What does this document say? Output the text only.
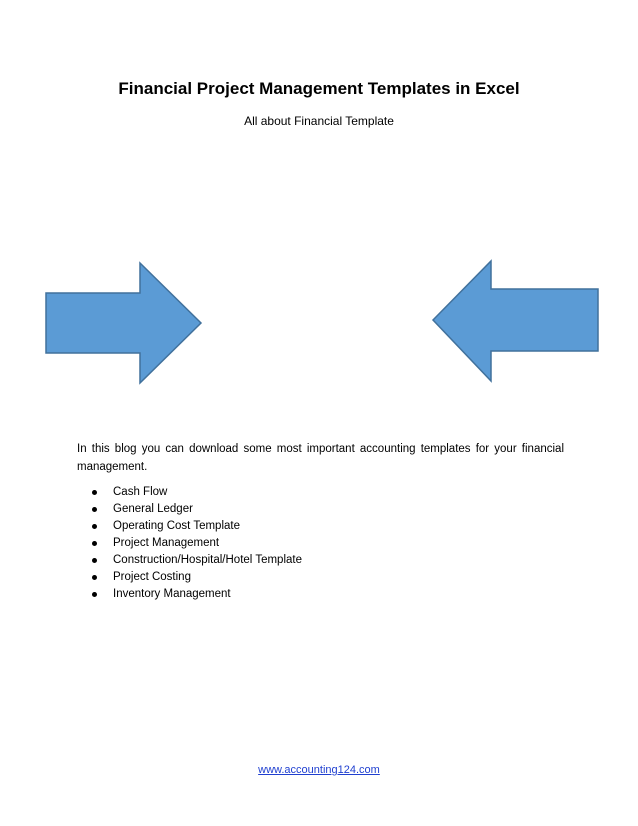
Financial Project Management Templates in Excel
All about Financial Template
In this blog you can download some most important accounting templates for your financial management.
Cash Flow
General Ledger
Operating Cost Template
Project Management
Construction/Hospital/Hotel Template
Project Costing
Inventory Management
www.accounting124.com
